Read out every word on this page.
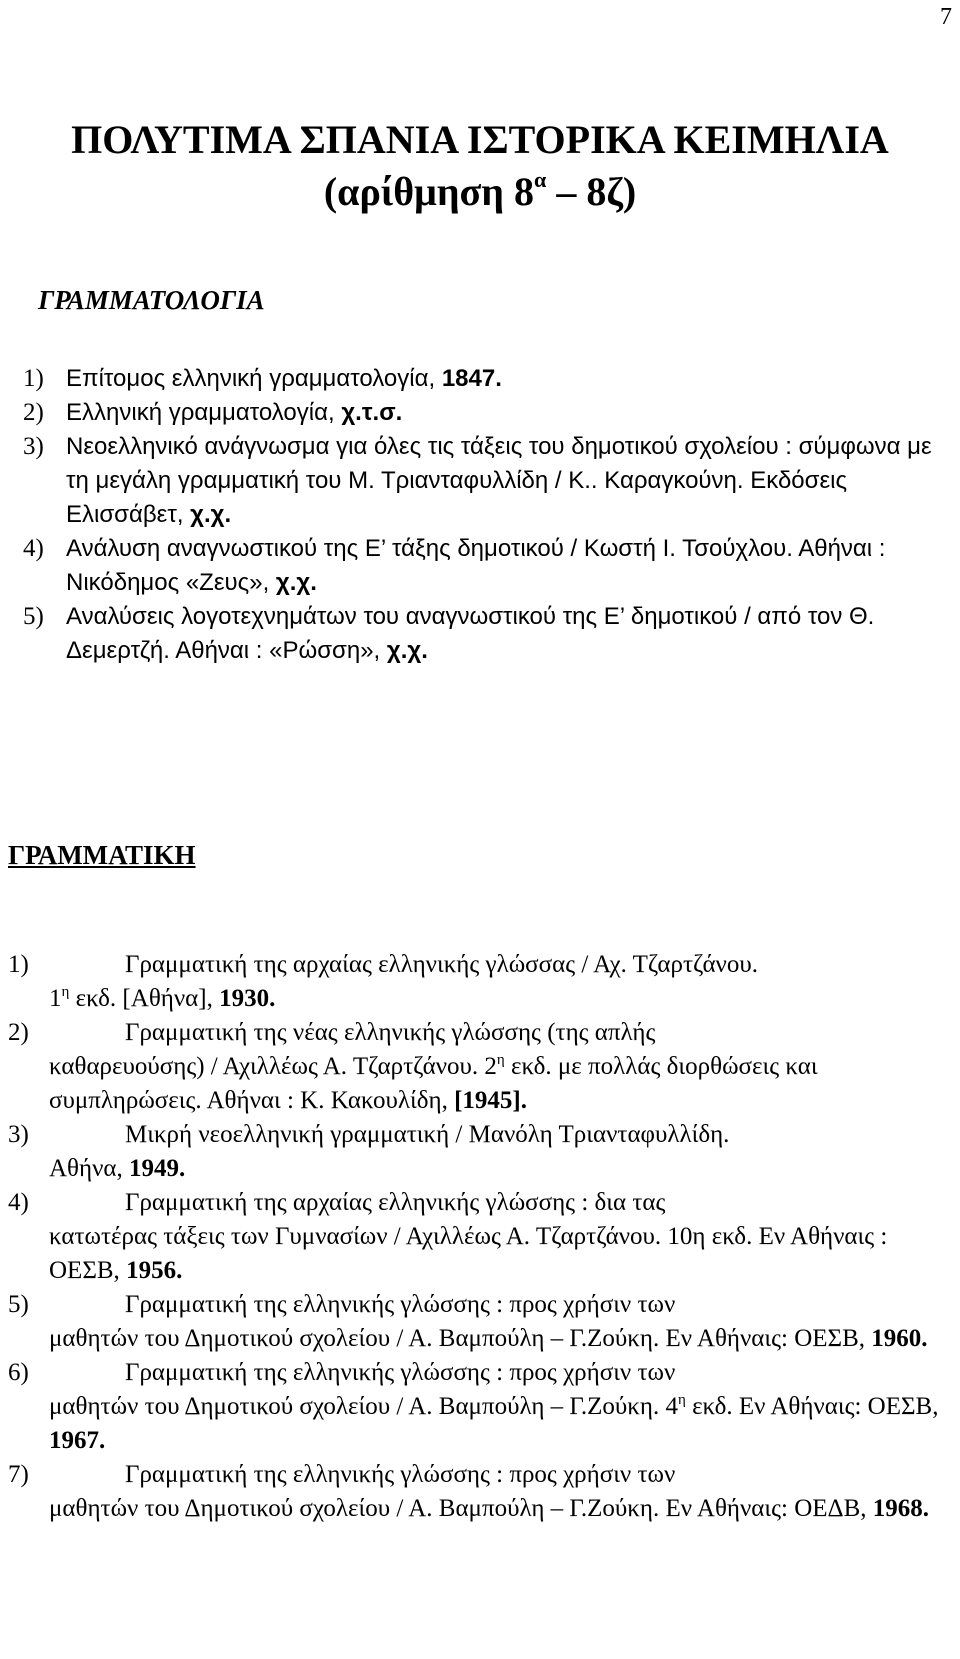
7
ΠΟΛΥΤΙΜΑ ΣΠΑΝΙΑ ΙΣΤΟΡΙΚΑ ΚΕΙΜΗΛΙΑ
(αρίθμηση $8^\alpha - 8\zeta$)
ΓΡΑΜΜΑΤΟΛΟΓΙΑ
1) Επίτομος ελληνική γραμματολογία, 1847.
2) Ελληνική γραμματολογία, χ.τ.σ.
3) Νεοελληνικό ανάγνωσμα για όλες τις τάξεις του δημοτικού σχολείου : σύμφωνα με τη μεγάλη γραμματική του Μ. Τριανταφυλλίδη / Κ.. Καραγκούνη. Εκδόσεις Ελισσάβετ, χ.χ.
4) Ανάλυση αναγνωστικού της Ε’ τάξης δημοτικού / Κωστή Ι. Τσούχλου. Αθήναι : Νικόδημος «Ζευς», χ.χ.
5) Αναλύσεις λογοτεχνημάτων του αναγνωστικού της Ε’ δημοτικού / από τον Θ. Δεμερτζή. Αθήναι : «Ρώσση», χ.χ.
ΓΡΑΜΜΑΤΙΚΗ
1)	Γραμματική της αρχαίας ελληνικής γλώσσας / Αχ. Τζαρτζάνου.
$1^\eta$ εκδ. [Αθήνα], 1930.
2)	Γραμματική της νέας ελληνικής γλώσσης (της απλής
καθαρευούσης) / Αχιλλέως Α. Τζαρτζάνου. $2^\eta$ εκδ. με πολλάς διορθώσεις και συμπληρώσεις. Αθήναι : Κ. Κακουλίδη, [1945].
3)	Μικρή νεοελληνική γραμματική / Μανόλη Τριανταφυλλίδη.
Αθήνα, 1949.
4)	Γραμματική της αρχαίας ελληνικής γλώσσης : δια τας
κατωτέρας τάξεις των Γυμνασίων / Αχιλλέως Α. Τζαρτζάνου. 10η εκδ. Εν Αθήναις : ΟΕΣΒ, 1956.
5)	Γραμματική της ελληνικής γλώσσης : προς χρήσιν των
μαθητών του Δημοτικού σχολείου / Α. Βαμπούλη – Γ.Ζούκη. Εν Αθήναις: ΟΕΣΒ, 1960.
6)	Γραμματική της ελληνικής γλώσσης : προς χρήσιν των
μαθητών του Δημοτικού σχολείου / Α. Βαμπούλη – Γ.Ζούκη. $4^\eta$ εκδ. Εν Αθήναις: ΟΕΣΒ, 1967.
7)	Γραμματική της ελληνικής γλώσσης : προς χρήσιν των
μαθητών του Δημοτικού σχολείου / Α. Βαμπούλη – Γ.Ζούκη. Εν Αθήναις: ΟΕΔΒ, 1968.
